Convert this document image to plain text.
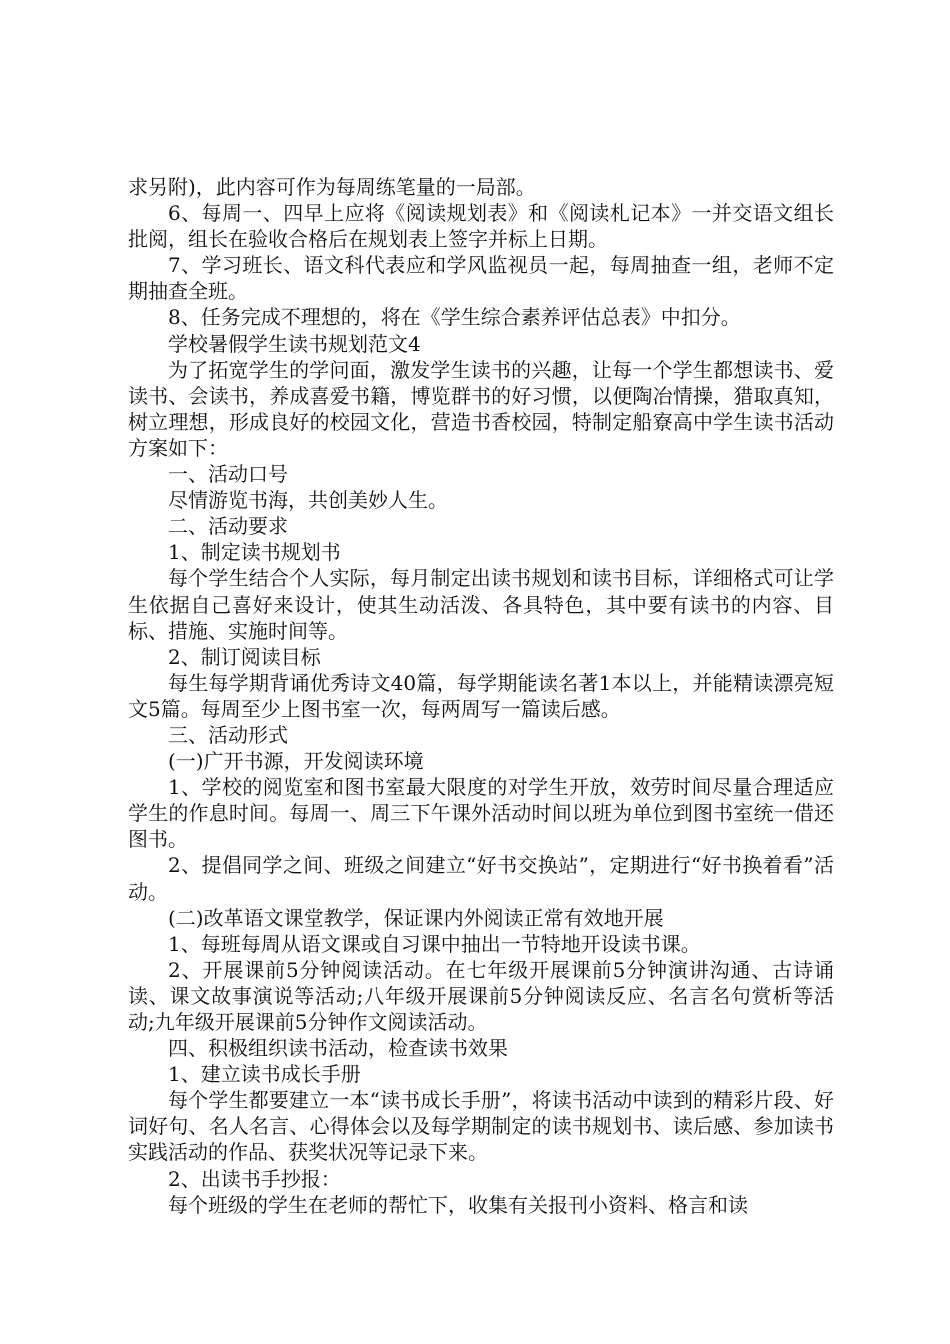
求另附)，此内容可作为每周练笔量的一局部。

6、每周一、四早上应将《阅读规划表》和《阅读札记本》一并交语文组长批阅，组长在验收合格后在规划表上签字并标上日期。

7、学习班长、语文科代表应和学风监视员一起，每周抽查一组，老师不定期抽查全班。

8、任务完成不理想的，将在《学生综合素养评估总表》中扣分。

学校暑假学生读书规划范文4

为了拓宽学生的学问面，激发学生读书的兴趣，让每一个学生都想读书、爱读书、会读书，养成喜爱书籍，博览群书的好习惯，以便陶冶情操，猎取真知，树立理想，形成良好的校园文化，营造书香校园，特制定船寮高中学生读书活动方案如下：

一、活动口号

尽情游览书海，共创美妙人生。

二、活动要求

1、制定读书规划书

每个学生结合个人实际，每月制定出读书规划和读书目标，详细格式可让学生依据自己喜好来设计，使其生动活泼、各具特色，其中要有读书的内容、目标、措施、实施时间等。

2、制订阅读目标

每生每学期背诵优秀诗文40篇，每学期能读名著1本以上，并能精读漂亮短文5篇。每周至少上图书室一次，每两周写一篇读后感。

三、活动形式

(一)广开书源，开发阅读环境

1、学校的阅览室和图书室最大限度的对学生开放，效劳时间尽量合理适应学生的作息时间。每周一、周三下午课外活动时间以班为单位到图书室统一借还图书。

2、提倡同学之间、班级之间建立“好书交换站”，定期进行“好书换着看”活动。

(二)改革语文课堂教学，保证课内外阅读正常有效地开展

1、每班每周从语文课或自习课中抽出一节特地开设读书课。

2、开展课前5分钟阅读活动。在七年级开展课前5分钟演讲沟通、古诗诵读、课文故事演说等活动;八年级开展课前5分钟阅读反应、名言名句赏析等活动;九年级开展课前5分钟作文阅读活动。

四、积极组织读书活动，检查读书效果

1、建立读书成长手册

每个学生都要建立一本“读书成长手册”，将读书活动中读到的精彩片段、好词好句、名人名言、心得体会以及每学期制定的读书规划书、读后感、参加读书实践活动的作品、获奖状况等记录下来。

2、出读书手抄报：

每个班级的学生在老师的帮忙下，收集有关报刊小资料、格言和读
